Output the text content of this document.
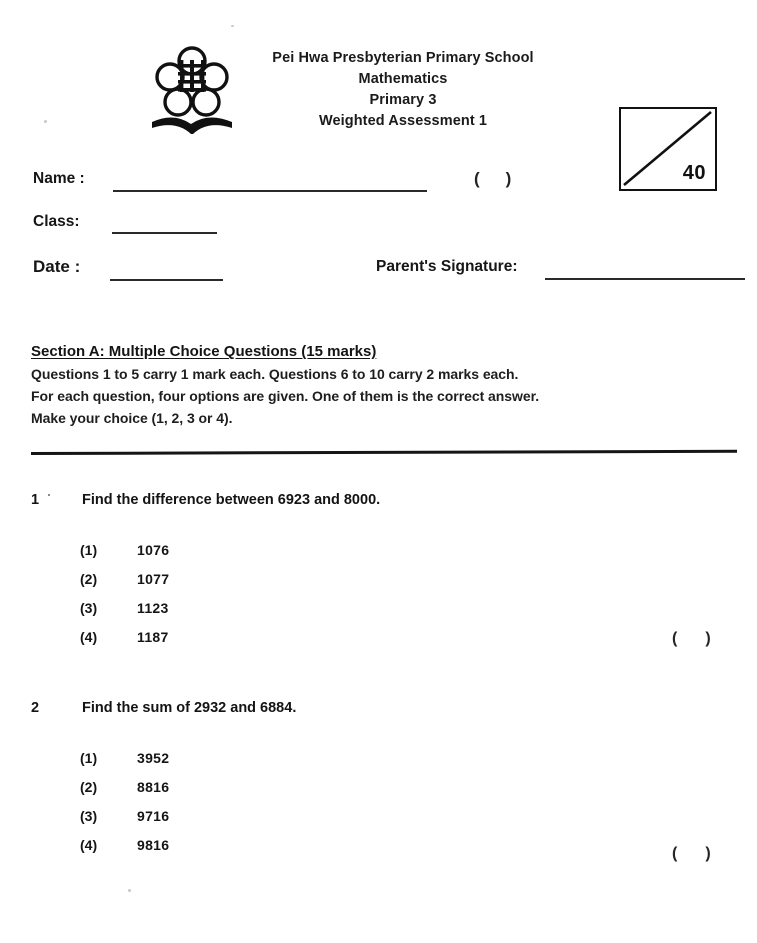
Pei Hwa Presbyterian Primary School
Mathematics
Primary 3
Weighted Assessment 1
40
Name :	( )
Class:
Date :	Parent's Signature:
Section A: Multiple Choice Questions (15 marks)
Questions 1 to 5 carry 1 mark each. Questions 6 to 10 carry 2 marks each.
For each question, four options are given. One of them is the correct answer.
Make your choice (1, 2, 3 or 4).
1	Find the difference between 6923 and 8000.
(1)	1076
(2)	1077
(3)	1123
(4)	1187	( )
2	Find the sum of 2932 and 6884.
(1)	3952
(2)	8816
(3)	9716
(4)	9816	( )
